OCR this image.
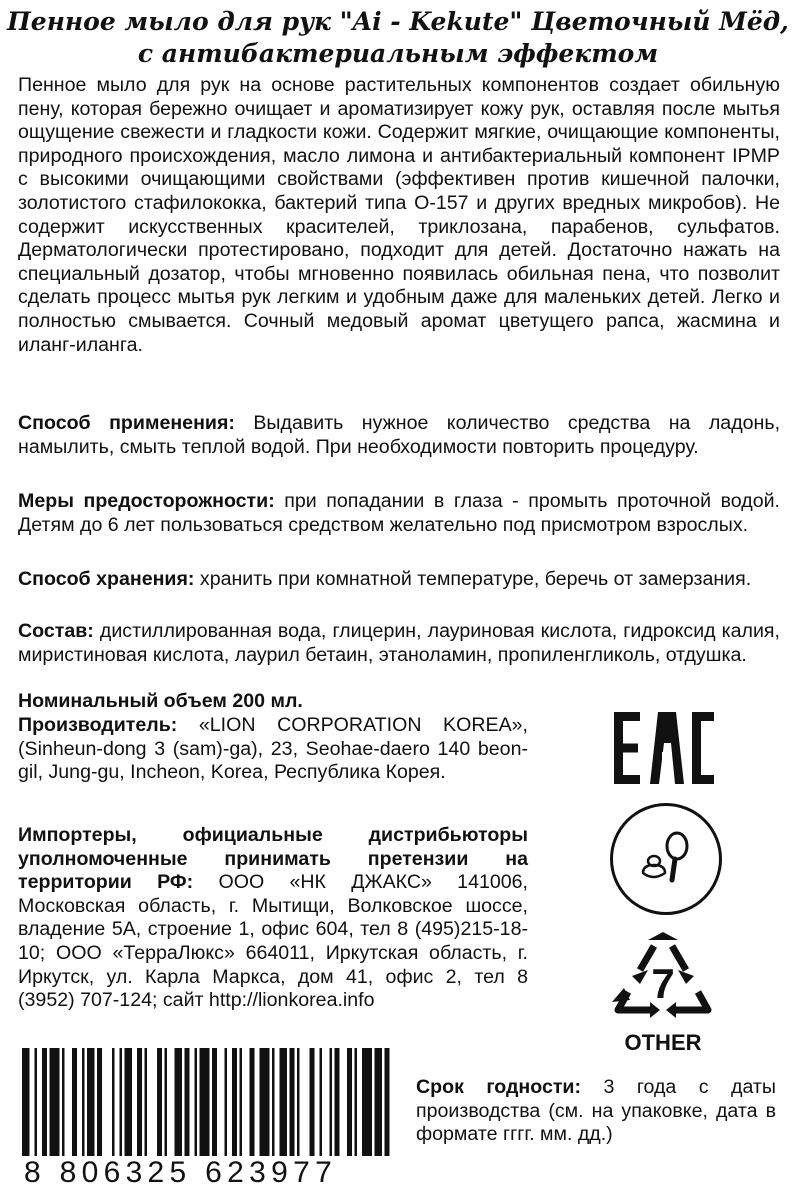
Пенное мыло для рук "Ai - Kekute" Цветочный Мёд,
с антибактериальным эффектом

Пенное мыло для рук на основе растительных компонентов создает обильную пену, которая бережно очищает и ароматизирует кожу рук, оставляя после мытья ощущение свежести и гладкости кожи. Содержит мягкие, очищающие компоненты, природного происхождения, масло лимона и антибактериальный компонент IPMP с высокими очищающими свойствами (эффективен против кишечной палочки, золотистого стафилококка, бактерий типа О-157 и других вредных микробов). Не содержит искусственных красителей, триклозана, парабенов, сульфатов. Дерматологически протестировано, подходит для детей. Достаточно нажать на специальный дозатор, чтобы мгновенно появилась обильная пена, что позволит сделать процесс мытья рук легким и удобным даже для маленьких детей. Легко и полностью смывается. Сочный медовый аромат цветущего рапса, жасмина и иланг-иланга.

Способ применения: Выдавить нужное количество средства на ладонь, намылить, смыть теплой водой. При необходимости повторить процедуру.

Меры предосторожности: при попадании в глаза - промыть проточной водой. Детям до 6 лет пользоваться средством желательно под присмотром взрослых.

Способ хранения: хранить при комнатной температуре, беречь от замерзания.

Состав: дистиллированная вода, глицерин, лауриновая кислота, гидроксид калия, миристиновая кислота, лаурил бетаин, этаноламин, пропиленгликоль, отдушка.

Номинальный объем 200 мл.

Производитель: «LION CORPORATION KOREA», (Sinheun-dong 3 (sam)-ga), 23, Seohae-daero 140 beon-gil, Jung-gu, Incheon, Korea, Республика Корея.

Импортеры, официальные дистрибьюторы уполномоченные принимать претензии на территории РФ: ООО «НК ДЖАКС» 141006, Московская область, г. Мытищи, Волковское шоссе, владение 5А, строение 1, офис 604, тел 8 (495)215-18-10; ООО «ТерраЛюкс» 664011, Иркутская область, г. Иркутск, ул. Карла Маркса, дом 41, офис 2, тел 8 (3952) 707-124; сайт http://lionkorea.info

Срок годности: 3 года с даты производства (см. на упаковке, дата в формате гггг. мм. дд.)

7
OTHER
8 806325 623977
